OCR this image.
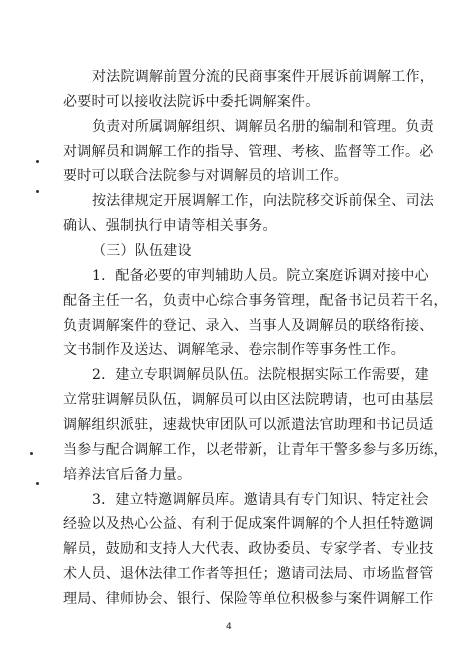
对法院调解前置分流的民商事案件开展诉前调解工作，
必要时可以接收法院诉中委托调解案件。
负责对所属调解组织、调解员名册的编制和管理。负责
对调解员和调解工作的指导、管理、考核、监督等工作。必
要时可以联合法院参与对调解员的培训工作。
按法律规定开展调解工作，向法院移交诉前保全、司法
确认、强制执行申请等相关事务。
（三）队伍建设
1．配备必要的审判辅助人员。院立案庭诉调对接中心
配备主任一名，负责中心综合事务管理，配备书记员若干名，
负责调解案件的登记、录入、当事人及调解员的联络衔接、
文书制作及送达、调解笔录、卷宗制作等事务性工作。
2．建立专职调解员队伍。法院根据实际工作需要，建
立常驻调解员队伍，调解员可以由区法院聘请，也可由基层
调解组织派驻，速裁快审团队可以派遣法官助理和书记员适
当参与配合调解工作，以老带新，让青年干警多参与多历练，
培养法官后备力量。
3．建立特邀调解员库。邀请具有专门知识、特定社会
经验以及热心公益、有利于促成案件调解的个人担任特邀调
解员，鼓励和支持人大代表、政协委员、专家学者、专业技
术人员、退休法律工作者等担任；邀请司法局、市场监督管
理局、律师协会、银行、保险等单位积极参与案件调解工作
4
